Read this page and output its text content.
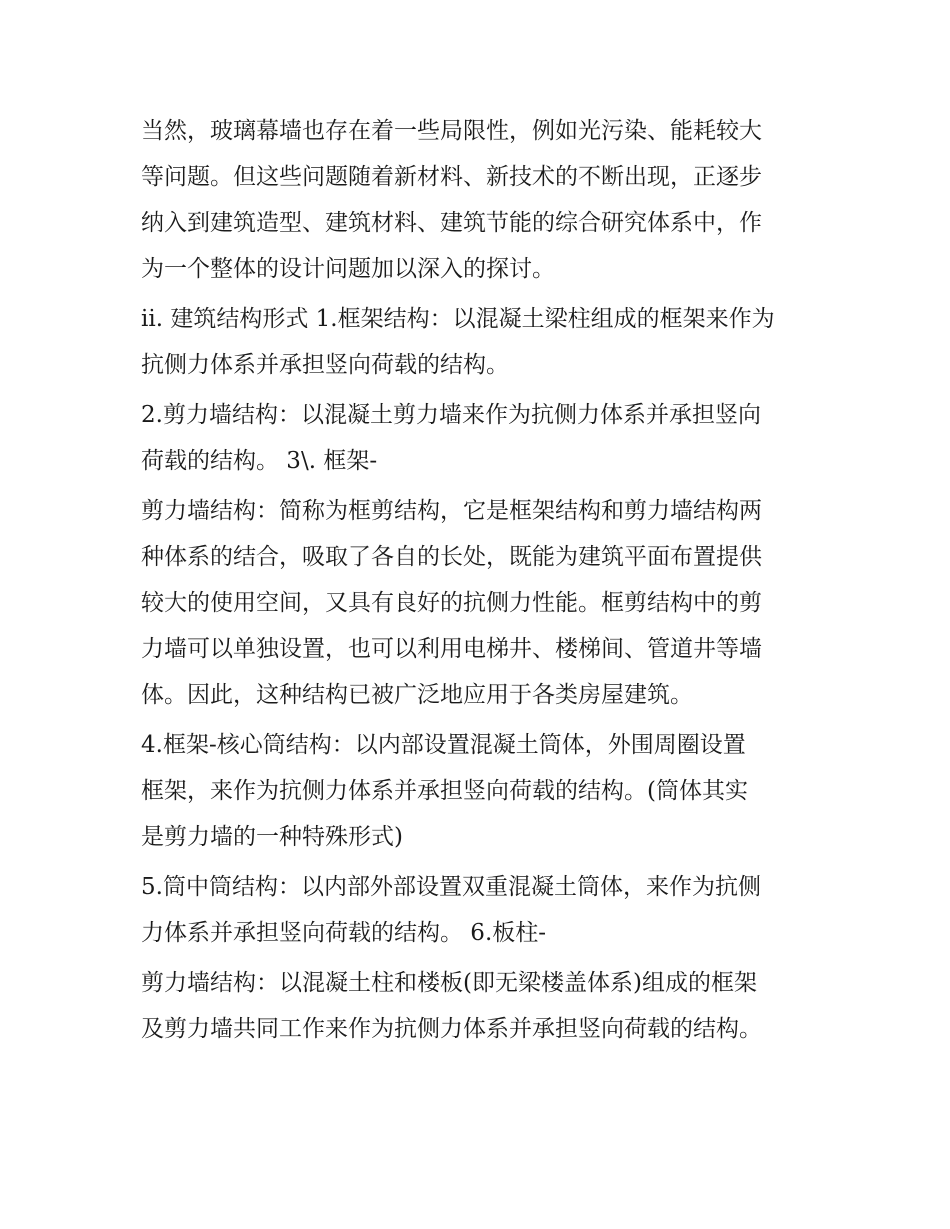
当然，玻璃幕墙也存在着一些局限性，例如光污染、能耗较大
等问题。但这些问题随着新材料、新技术的不断出现，正逐步
纳入到建筑造型、建筑材料、建筑节能的综合研究体系中，作
为一个整体的设计问题加以深入的探讨。
ii. 建筑结构形式 1.框架结构：以混凝土梁柱组成的框架来作为
抗侧力体系并承担竖向荷载的结构。
2.剪力墙结构：以混凝土剪力墙来作为抗侧力体系并承担竖向
荷载的结构。 3\. 框架-
剪力墙结构：简称为框剪结构，它是框架结构和剪力墙结构两
种体系的结合，吸取了各自的长处，既能为建筑平面布置提供
较大的使用空间，又具有良好的抗侧力性能。框剪结构中的剪
力墙可以单独设置，也可以利用电梯井、楼梯间、管道井等墙
体。因此，这种结构已被广泛地应用于各类房屋建筑。
4.框架-核心筒结构：以内部设置混凝土筒体，外围周圈设置
框架，来作为抗侧力体系并承担竖向荷载的结构。(筒体其实
是剪力墙的一种特殊形式)
5.筒中筒结构：以内部外部设置双重混凝土筒体，来作为抗侧
力体系并承担竖向荷载的结构。 6.板柱-
剪力墙结构：以混凝土柱和楼板(即无梁楼盖体系)组成的框架
及剪力墙共同工作来作为抗侧力体系并承担竖向荷载的结构。
